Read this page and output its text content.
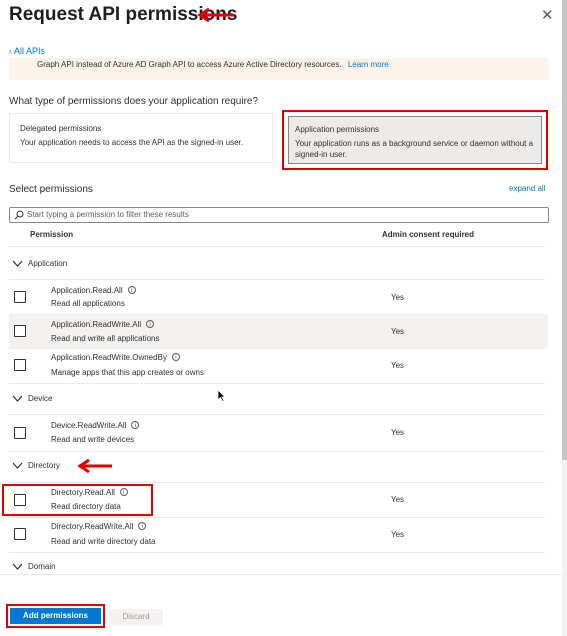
Request API permissions	✕
‹ All APIs
Graph API instead of Azure AD Graph API to access Azure Active Directory resources. Learn more
What type of permissions does your application require?
Delegated permissions
Your application needs to access the API as the signed-in user.
Application permissions
Your application runs as a background service or daemon without a signed-in user.
Select permissions	expand all
Start typing a permission to filter these results
Permission	Admin consent required
Application
Application.Read.All i
Read all applications
Yes
Application.ReadWrite.All i
Read and write all applications
Yes
Application.ReadWrite.OwnedBy i
Manage apps that this app creates or owns
Yes
Device
Device.ReadWrite.All i
Read and write devices
Yes
Directory
Directory.Read.All i
Read directory data
Yes
Directory.ReadWrite.All i
Read and write directory data
Yes
Domain
Add permissions	Discard
